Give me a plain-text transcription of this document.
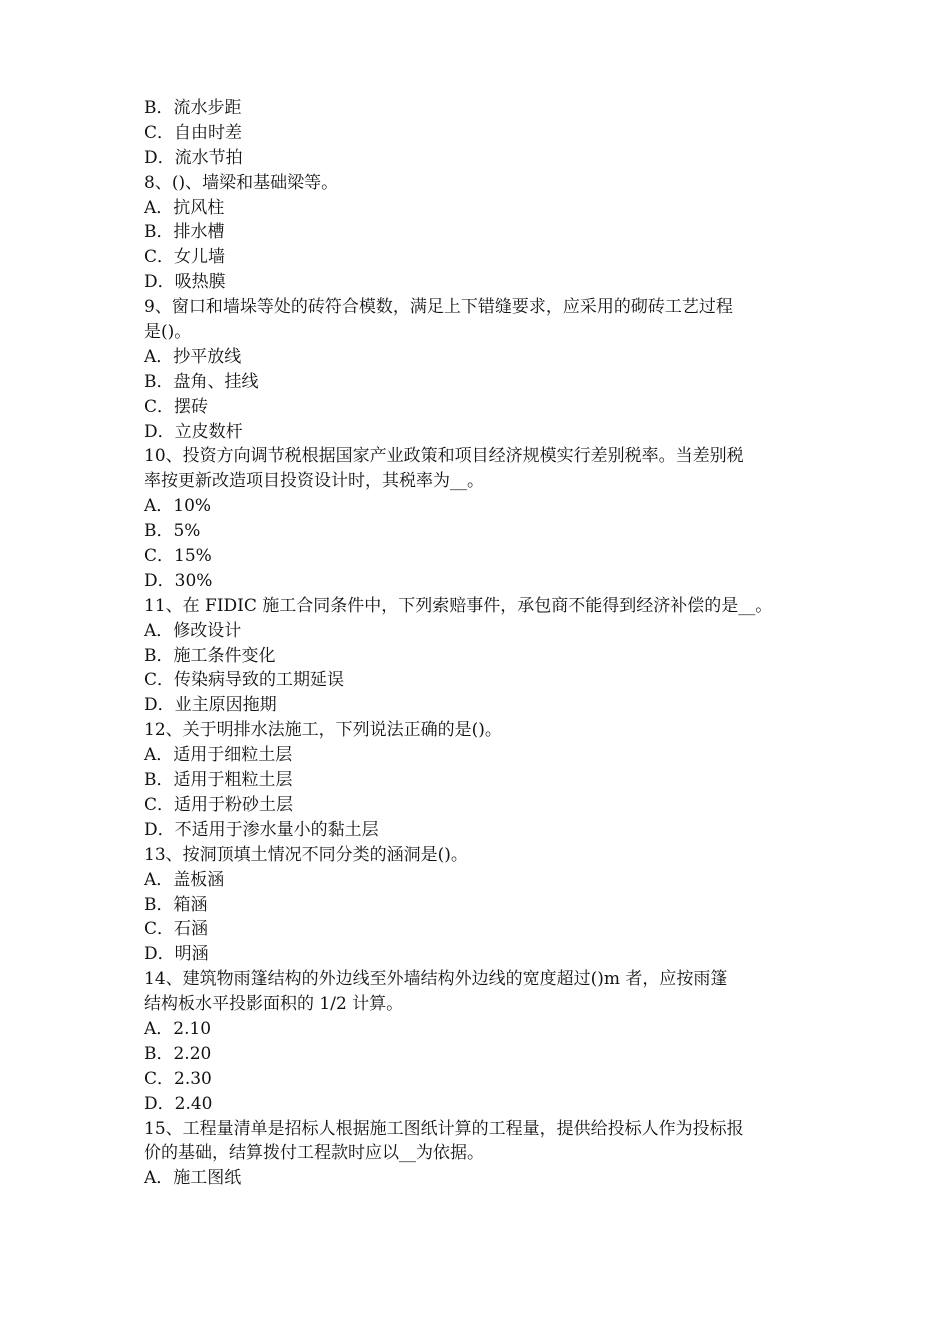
B．流水步距
C．自由时差
D．流水节拍
8、()、墙梁和基础梁等。
A．抗风柱
B．排水槽
C．女儿墙
D．吸热膜
9、窗口和墙垛等处的砖符合模数，满足上下错缝要求，应采用的砌砖工艺过程
是()。
A．抄平放线
B．盘角、挂线
C．摆砖
D．立皮数杆
10、投资方向调节税根据国家产业政策和项目经济规模实行差别税率。当差别税
率按更新改造项目投资设计时，其税率为__。
A．10%
B．5%
C．15%
D．30%
11、在 FIDIC 施工合同条件中，下列索赔事件，承包商不能得到经济补偿的是__。
A．修改设计
B．施工条件变化
C．传染病导致的工期延误
D．业主原因拖期
12、关于明排水法施工，下列说法正确的是()。
A．适用于细粒土层
B．适用于粗粒土层
C．适用于粉砂土层
D．不适用于渗水量小的黏土层
13、按洞顶填土情况不同分类的涵洞是()。
A．盖板涵
B．箱涵
C．石涵
D．明涵
14、建筑物雨篷结构的外边线至外墙结构外边线的宽度超过()m 者，应按雨篷
结构板水平投影面积的 1/2 计算。
A．2.10
B．2.20
C．2.30
D．2.40
15、工程量清单是招标人根据施工图纸计算的工程量，提供给投标人作为投标报
价的基础，结算拨付工程款时应以__为依据。
A．施工图纸
